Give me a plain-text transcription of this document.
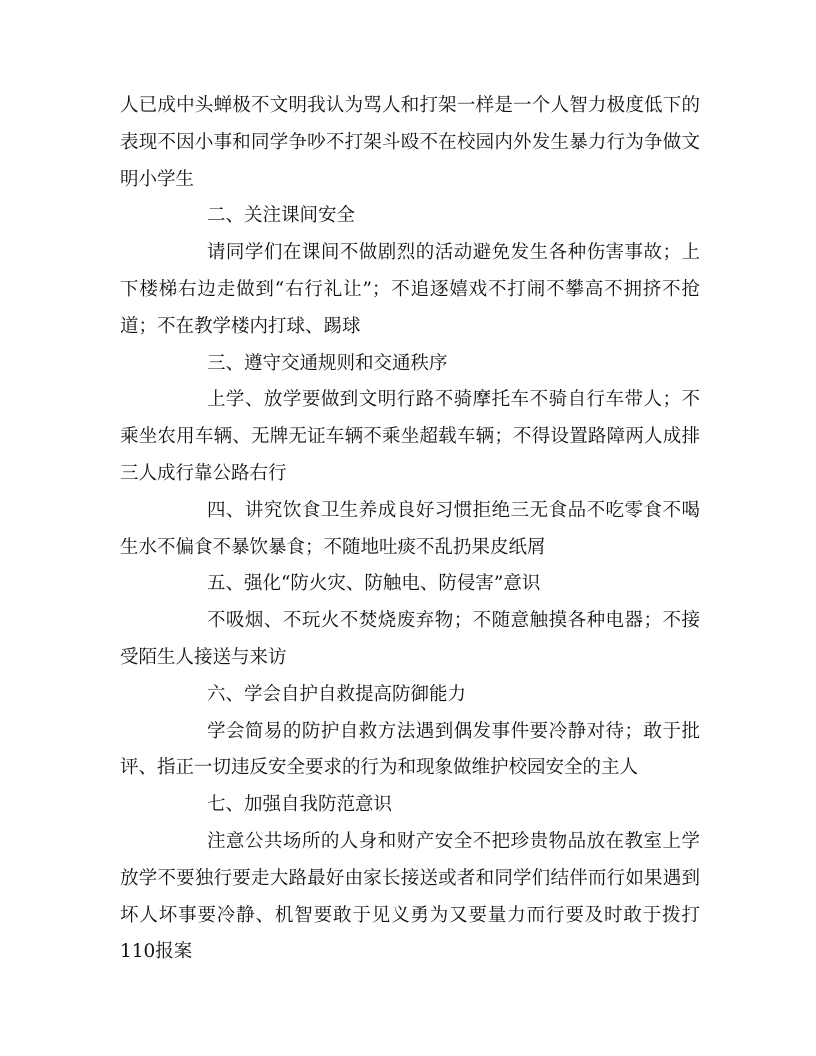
人已成中头蝉极不文明我认为骂人和打架一样是一个人智力极度低下的表现不因小事和同学争吵不打架斗殴不在校园内外发生暴力行为争做文明小学生

二、关注课间安全

请同学们在课间不做剧烈的活动避免发生各种伤害事故；上下楼梯右边走做到“右行礼让”；不追逐嬉戏不打闹不攀高不拥挤不抢道；不在教学楼内打球、踢球

三、遵守交通规则和交通秩序

上学、放学要做到文明行路不骑摩托车不骑自行车带人；不乘坐农用车辆、无牌无证车辆不乘坐超载车辆；不得设置路障两人成排三人成行靠公路右行

四、讲究饮食卫生养成良好习惯拒绝三无食品不吃零食不喝生水不偏食不暴饮暴食；不随地吐痰不乱扔果皮纸屑

五、强化“防火灾、防触电、防侵害”意识

不吸烟、不玩火不焚烧废弃物；不随意触摸各种电器；不接受陌生人接送与来访

六、学会自护自救提高防御能力

学会简易的防护自救方法遇到偶发事件要冷静对待；敢于批评、指正一切违反安全要求的行为和现象做维护校园安全的主人

七、加强自我防范意识

注意公共场所的人身和财产安全不把珍贵物品放在教室上学放学不要独行要走大路最好由家长接送或者和同学们结伴而行如果遇到坏人坏事要冷静、机智要敢于见义勇为又要量力而行要及时敢于拨打110报案
